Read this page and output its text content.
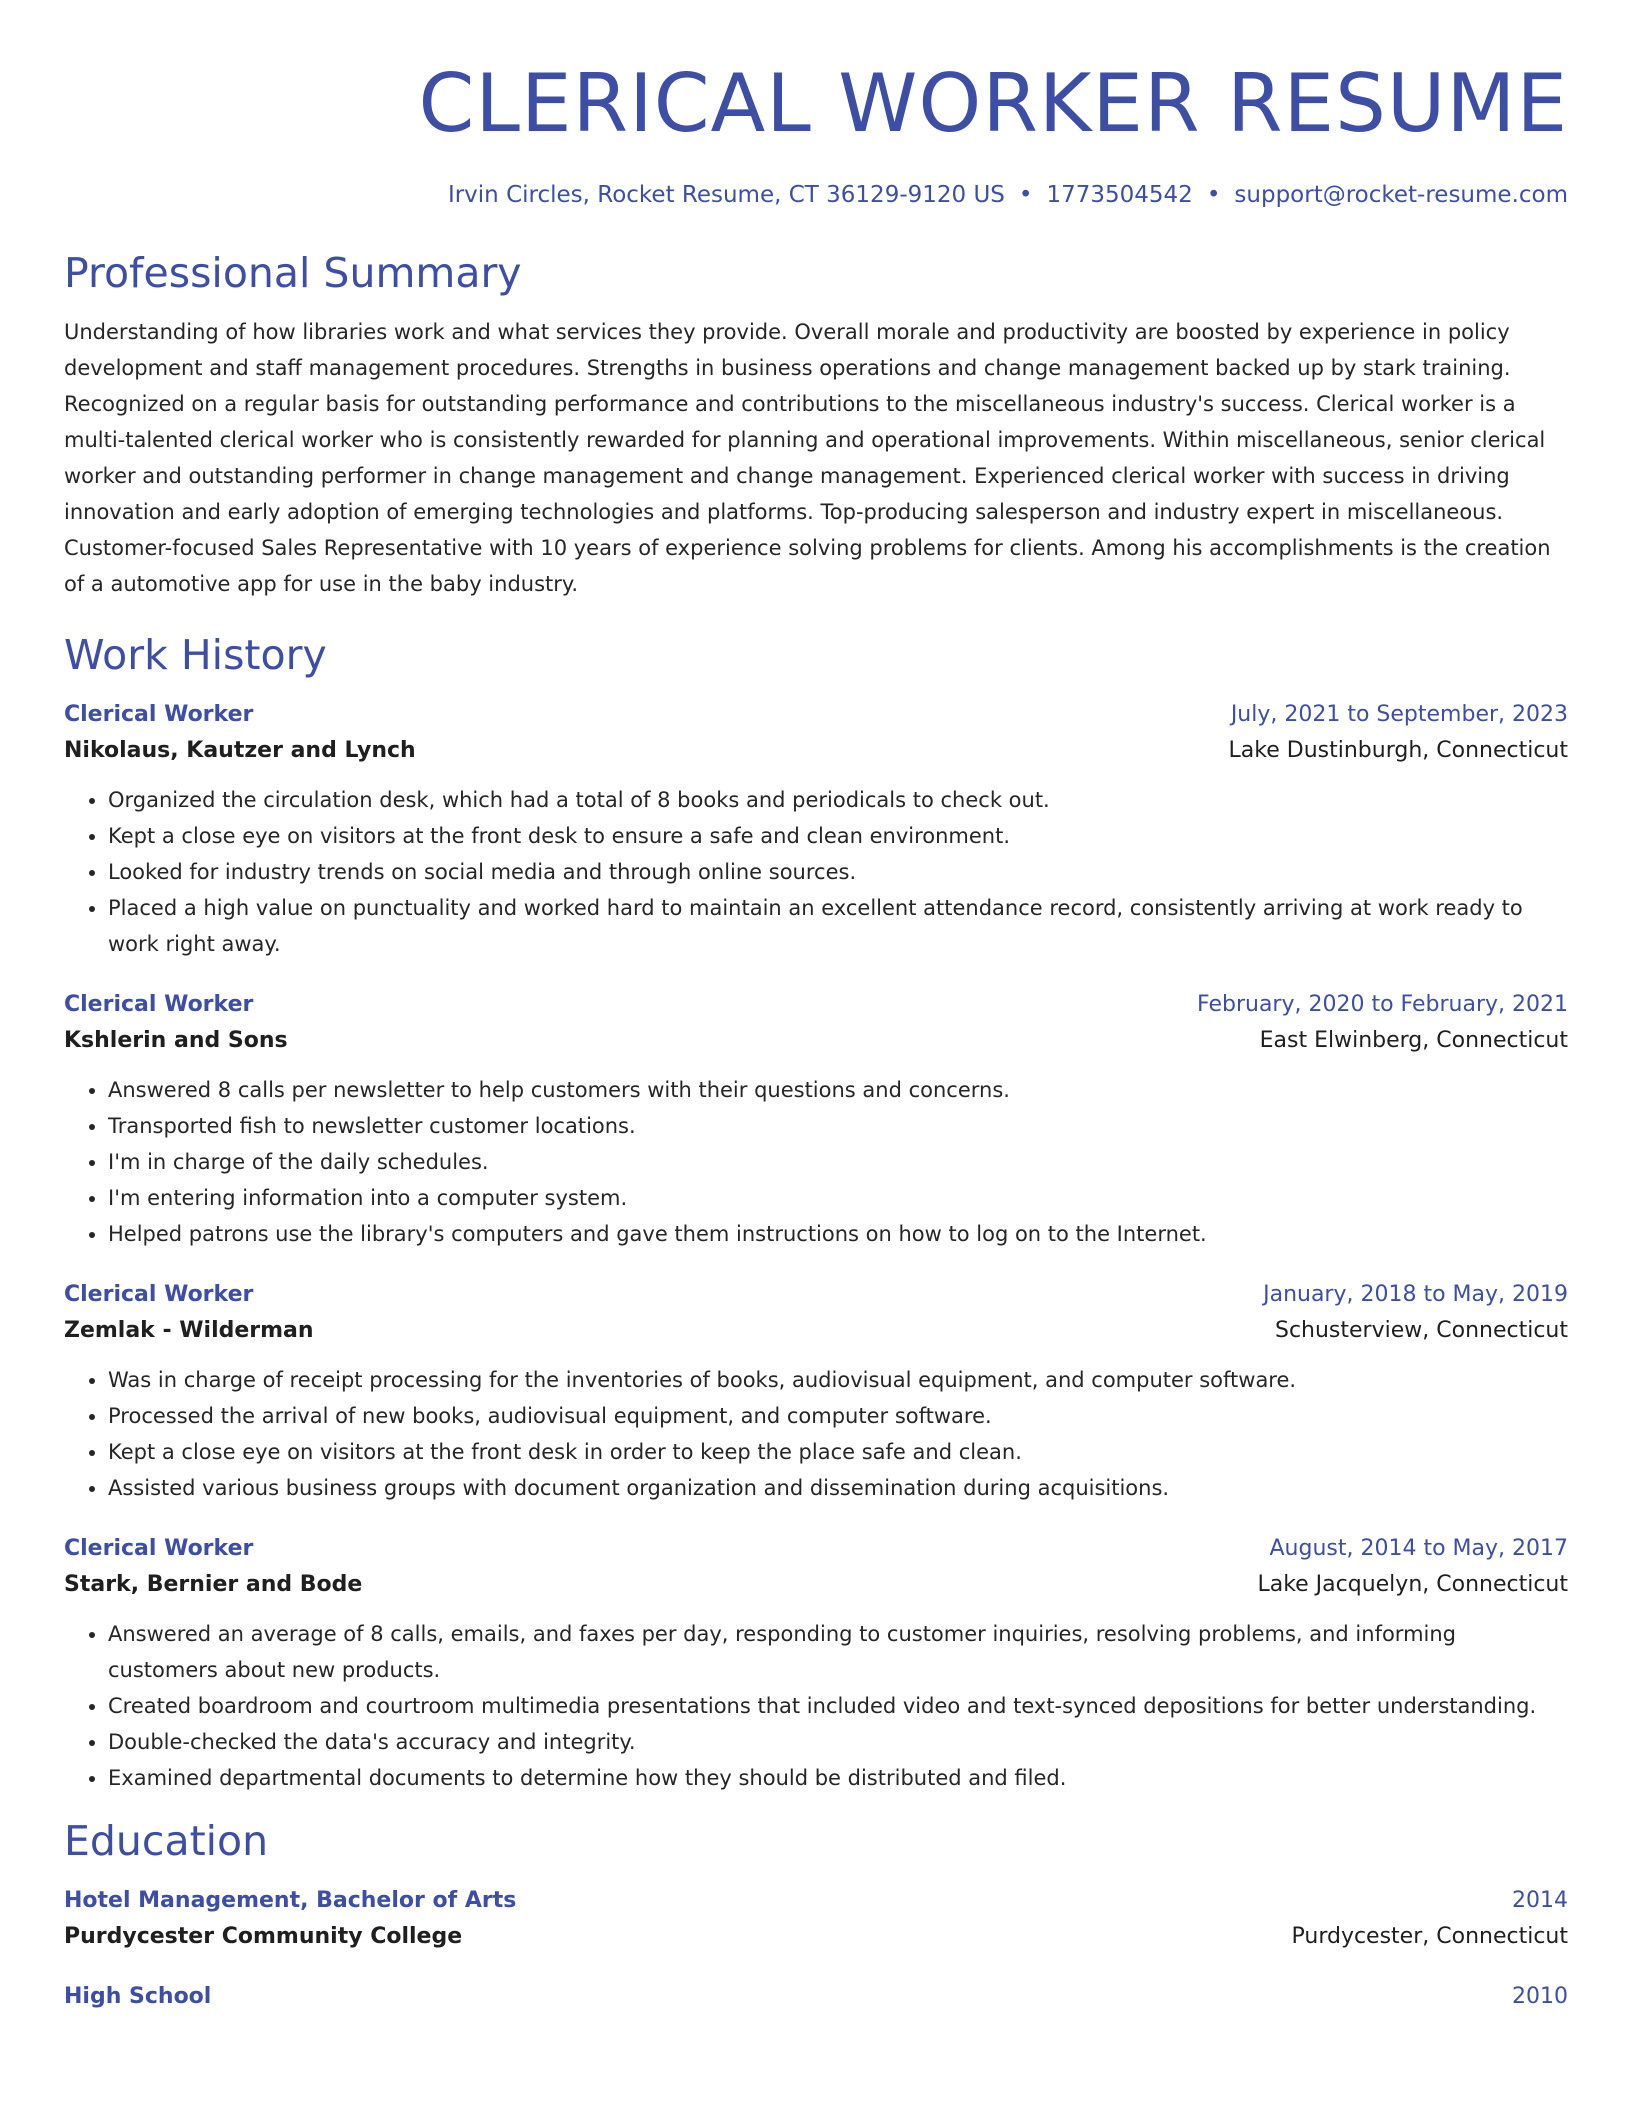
CLERICAL WORKER RESUME
Irvin Circles, Rocket Resume, CT 36129-9120 US • 1773504542 • support@rocket-resume.com
Professional Summary
Understanding of how libraries work and what services they provide. Overall morale and productivity are boosted by experience in policy development and staff management procedures. Strengths in business operations and change management backed up by stark training. Recognized on a regular basis for outstanding performance and contributions to the miscellaneous industry's success. Clerical worker is a multi-talented clerical worker who is consistently rewarded for planning and operational improvements. Within miscellaneous, senior clerical worker and outstanding performer in change management and change management. Experienced clerical worker with success in driving innovation and early adoption of emerging technologies and platforms. Top-producing salesperson and industry expert in miscellaneous. Customer-focused Sales Representative with 10 years of experience solving problems for clients. Among his accomplishments is the creation of a automotive app for use in the baby industry.
Work History
Clerical Worker	July, 2021 to September, 2023
Nikolaus, Kautzer and Lynch	Lake Dustinburgh, Connecticut
• Organized the circulation desk, which had a total of 8 books and periodicals to check out.
• Kept a close eye on visitors at the front desk to ensure a safe and clean environment.
• Looked for industry trends on social media and through online sources.
• Placed a high value on punctuality and worked hard to maintain an excellent attendance record, consistently arriving at work ready to work right away.
Clerical Worker	February, 2020 to February, 2021
Kshlerin and Sons	East Elwinberg, Connecticut
• Answered 8 calls per newsletter to help customers with their questions and concerns.
• Transported fish to newsletter customer locations.
• I'm in charge of the daily schedules.
• I'm entering information into a computer system.
• Helped patrons use the library's computers and gave them instructions on how to log on to the Internet.
Clerical Worker	January, 2018 to May, 2019
Zemlak - Wilderman	Schusterview, Connecticut
• Was in charge of receipt processing for the inventories of books, audiovisual equipment, and computer software.
• Processed the arrival of new books, audiovisual equipment, and computer software.
• Kept a close eye on visitors at the front desk in order to keep the place safe and clean.
• Assisted various business groups with document organization and dissemination during acquisitions.
Clerical Worker	August, 2014 to May, 2017
Stark, Bernier and Bode	Lake Jacquelyn, Connecticut
• Answered an average of 8 calls, emails, and faxes per day, responding to customer inquiries, resolving problems, and informing customers about new products.
• Created boardroom and courtroom multimedia presentations that included video and text-synced depositions for better understanding.
• Double-checked the data's accuracy and integrity.
• Examined departmental documents to determine how they should be distributed and filed.
Education
Hotel Management, Bachelor of Arts	2014
Purdycester Community College	Purdycester, Connecticut
High School	2010
